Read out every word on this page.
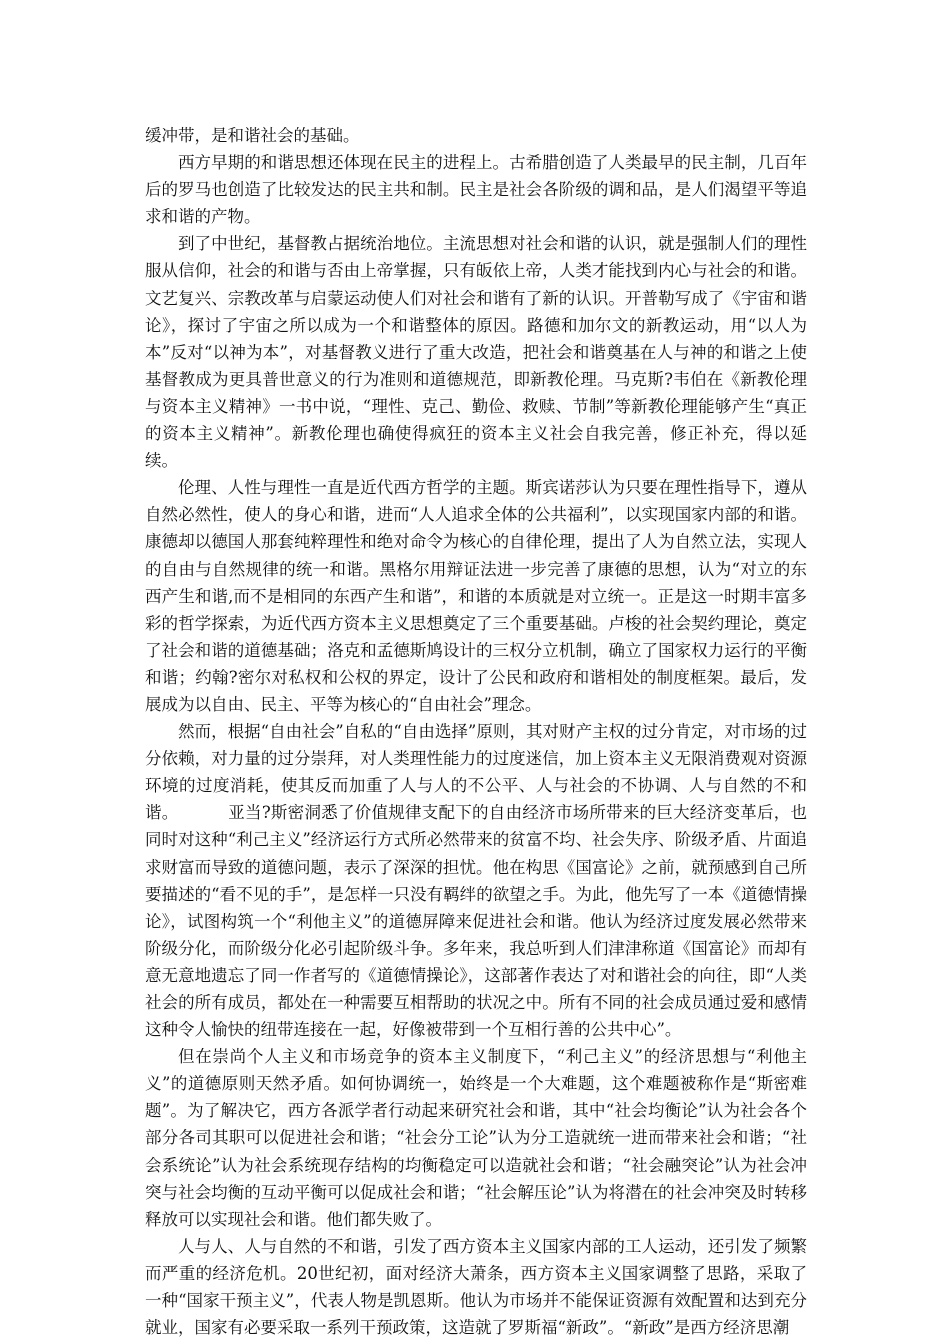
缓冲带，是和谐社会的基础。

西方早期的和谐思想还体现在民主的进程上。古希腊创造了人类最早的民主制，几百年后的罗马也创造了比较发达的民主共和制。民主是社会各阶级的调和品，是人们渴望平等追求和谐的产物。

到了中世纪，基督教占据统治地位。主流思想对社会和谐的认识，就是强制人们的理性服从信仰，社会的和谐与否由上帝掌握，只有皈依上帝，人类才能找到内心与社会的和谐。文艺复兴、宗教改革与启蒙运动使人们对社会和谐有了新的认识。开普勒写成了《宇宙和谐论》，探讨了宇宙之所以成为一个和谐整体的原因。路德和加尔文的新教运动，用“以人为本”反对“以神为本”，对基督教义进行了重大改造，把社会和谐奠基在人与神的和谐之上使基督教成为更具普世意义的行为准则和道德规范，即新教伦理。马克斯?韦伯在《新教伦理与资本主义精神》一书中说，“理性、克己、勤俭、救赎、节制”等新教伦理能够产生“真正的资本主义精神”。新教伦理也确使得疯狂的资本主义社会自我完善，修正补充，得以延续。

伦理、人性与理性一直是近代西方哲学的主题。斯宾诺莎认为只要在理性指导下，遵从自然必然性，使人的身心和谐，进而“人人追求全体的公共福利”，以实现国家内部的和谐。康德却以德国人那套纯粹理性和绝对命令为核心的自律伦理，提出了人为自然立法，实现人的自由与自然规律的统一和谐。黑格尔用辩证法进一步完善了康德的思想，认为“对立的东西产生和谐,而不是相同的东西产生和谐”，和谐的本质就是对立统一。正是这一时期丰富多彩的哲学探索，为近代西方资本主义思想奠定了三个重要基础。卢梭的社会契约理论，奠定了社会和谐的道德基础；洛克和孟德斯鸠设计的三权分立机制，确立了国家权力运行的平衡和谐；约翰?密尔对私权和公权的界定，设计了公民和政府和谐相处的制度框架。最后，发展成为以自由、民主、平等为核心的“自由社会”理念。

然而，根据“自由社会”自私的“自由选择”原则，其对财产主权的过分肯定，对市场的过分依赖，对力量的过分崇拜，对人类理性能力的过度迷信，加上资本主义无限消费观对资源环境的过度消耗，使其反而加重了人与人的不公平、人与社会的不协调、人与自然的不和谐。	亚当?斯密洞悉了价值规律支配下的自由经济市场所带来的巨大经济变革后，也同时对这种“利己主义”经济运行方式所必然带来的贫富不均、社会失序、阶级矛盾、片面追求财富而导致的道德问题，表示了深深的担忧。他在构思《国富论》之前，就预感到自己所要描述的“看不见的手”，是怎样一只没有羁绊的欲望之手。为此，他先写了一本《道德情操论》，试图构筑一个“利他主义”的道德屏障来促进社会和谐。他认为经济过度发展必然带来阶级分化，而阶级分化必引起阶级斗争。多年来，我总听到人们津津称道《国富论》而却有意无意地遗忘了同一作者写的《道德情操论》，这部著作表达了对和谐社会的向往，即“人类社会的所有成员，都处在一种需要互相帮助的状况之中。所有不同的社会成员通过爱和感情这种令人愉快的纽带连接在一起，好像被带到一个互相行善的公共中心”。

但在崇尚个人主义和市场竞争的资本主义制度下，“利己主义”的经济思想与“利他主义”的道德原则天然矛盾。如何协调统一，始终是一个大难题，这个难题被称作是“斯密难题”。为了解决它，西方各派学者行动起来研究社会和谐，其中“社会均衡论”认为社会各个部分各司其职可以促进社会和谐；“社会分工论”认为分工造就统一进而带来社会和谐；“社会系统论”认为社会系统现存结构的均衡稳定可以造就社会和谐；“社会融突论”认为社会冲突与社会均衡的互动平衡可以促成社会和谐；“社会解压论”认为将潜在的社会冲突及时转移释放可以实现社会和谐。他们都失败了。

人与人、人与自然的不和谐，引发了西方资本主义国家内部的工人运动，还引发了频繁而严重的经济危机。20世纪初，面对经济大萧条，西方资本主义国家调整了思路，采取了一种“国家干预主义”，代表人物是凯恩斯。他认为市场并不能保证资源有效配置和达到充分就业，国家有必要采取一系列干预政策，这造就了罗斯福“新政”。“新政”是西方经济思潮
